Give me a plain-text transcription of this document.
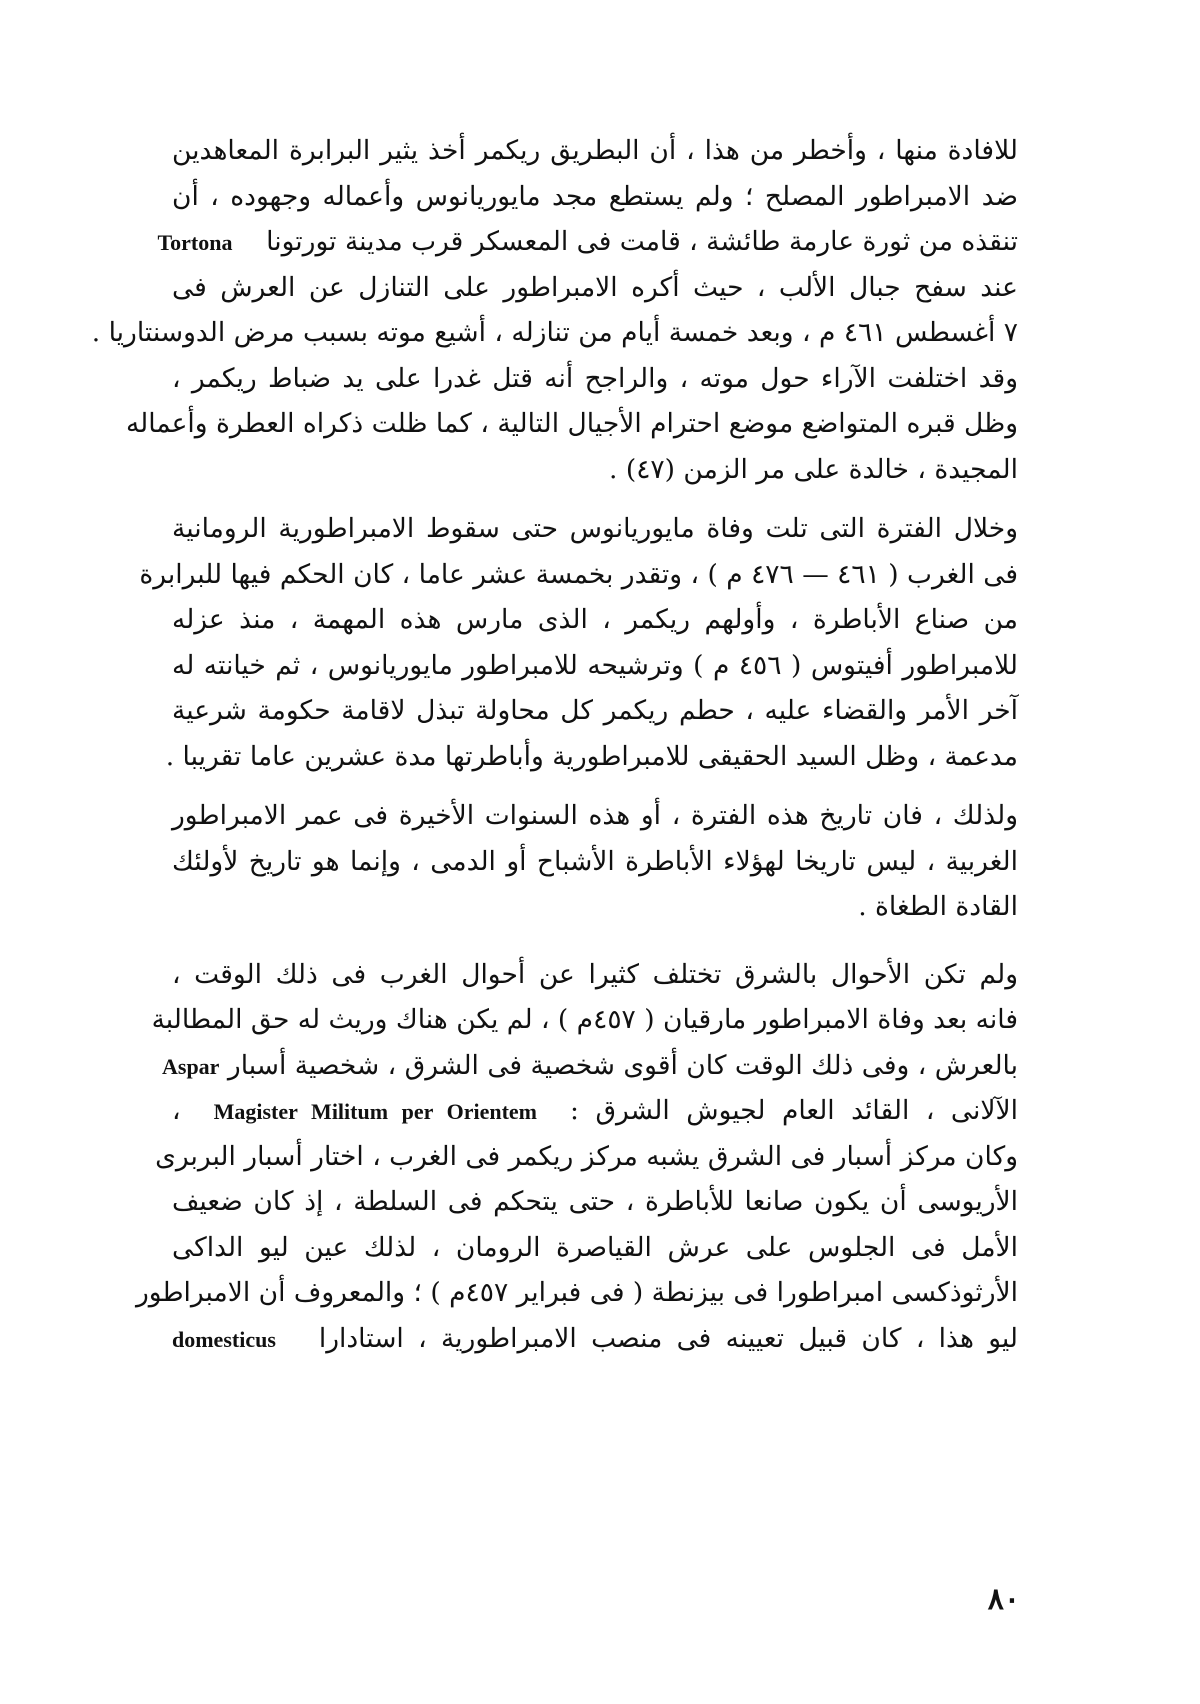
للافادة منها ، وأخطر من هذا ، أن البطريق ريكمر أخذ يثير البرابرة المعاهدين
ضد الامبراطور المصلح ؛ ولم يستطع مجد مايوريانوس وأعماله وجهوده ، أن
تنقذه من ثورة عارمة طائشة ، قامت فى المعسكر قرب مدينة تورتونا    Tortona
عند سفح جبال الألب ، حيث أكره الامبراطور على التنازل عن العرش فى
٧ أغسطس ٤٦١ م ، وبعد خمسة أيام من تنازله ، أشيع موته بسبب مرض الدوسنتاريا .
وقد اختلفت الآراء حول موته ، والراجح أنه قتل غدرا على يد ضباط ريكمر ،
وظل قبره المتواضع موضع احترام الأجيال التالية ، كما ظلت ذكراه العطرة وأعماله
المجيدة ، خالدة على مر الزمن (٤٧) .
وخلال الفترة التى تلت وفاة مايوريانوس حتى سقوط الامبراطورية الرومانية
فى الغرب ( ٤٦١ — ٤٧٦ م ) ، وتقدر بخمسة عشر عاما ، كان الحكم فيها للبرابرة
من صناع الأباطرة ، وأولهم ريكمر ، الذى مارس هذه المهمة ، منذ عزله
للامبراطور أفيتوس ( ٤٥٦ م ) وترشيحه للامبراطور مايوريانوس ، ثم خيانته له
آخر الأمر والقضاء عليه ، حطم ريكمر كل محاولة تبذل لاقامة حكومة شرعية
مدعمة ، وظل السيد الحقيقى للامبراطورية وأباطرتها مدة عشرين عاما تقريبا .
ولذلك ، فان تاريخ هذه الفترة ، أو هذه السنوات الأخيرة فى عمر الامبراطور
الغربية ، ليس تاريخا لهؤلاء الأباطرة الأشباح أو الدمى ، وإنما هو تاريخ لأولئك
القادة الطغاة .
ولم تكن الأحوال بالشرق تختلف كثيرا عن أحوال الغرب فى ذلك الوقت ،
فانه بعد وفاة الامبراطور مارقيان ( ٤٥٧م ) ، لم يكن هناك وريث له حق المطالبة
بالعرش ، وفى ذلك الوقت كان أقوى شخصية فى الشرق ، شخصية أسبار Aspar
الآلانى ، القائد العام لجيوش الشرق :  Magister Militum per Orientem  ،
وكان مركز أسبار فى الشرق يشبه مركز ريكمر فى الغرب ، اختار أسبار البربرى
الأريوسى أن يكون صانعا للأباطرة ، حتى يتحكم فى السلطة ، إذ كان ضعيف
الأمل فى الجلوس على عرش القياصرة الرومان ، لذلك عين ليو الداكى
الأرثوذكسى امبراطورا فى بيزنطة ( فى فبراير ٤٥٧م ) ؛ والمعروف أن الامبراطور
ليو هذا ، كان قبيل تعيينه فى منصب الامبراطورية ، استادارا   domesticus
٨٠
